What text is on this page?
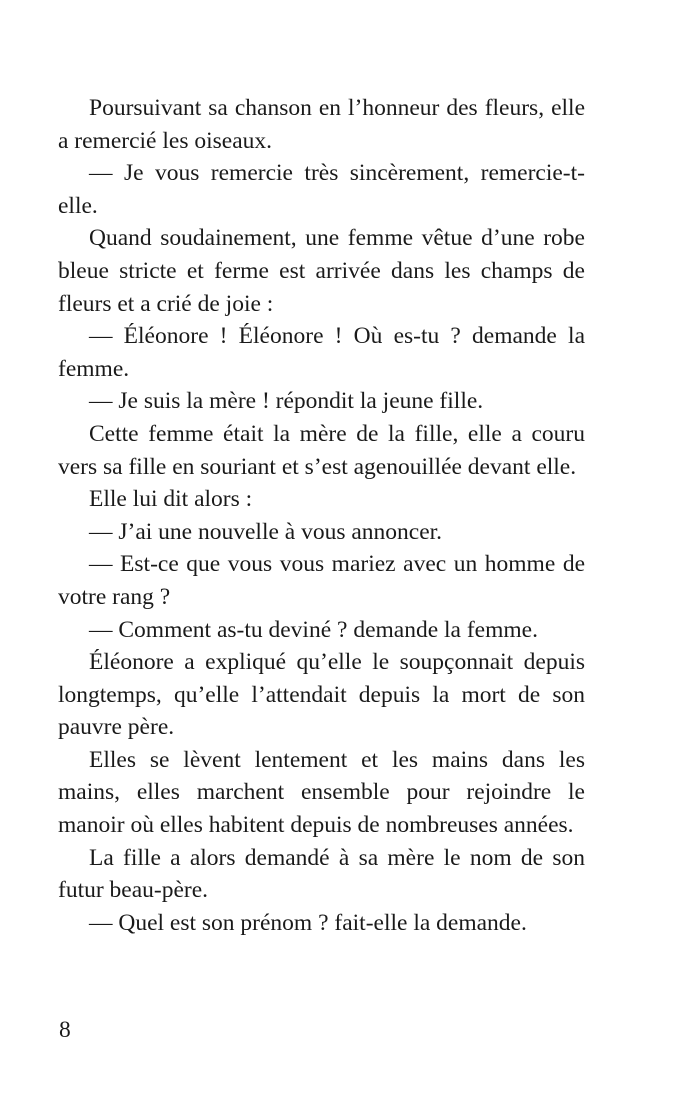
Poursuivant sa chanson en l’honneur des fleurs, elle a remercié les oiseaux.

— Je vous remercie très sincèrement, remercie-t-elle.

Quand soudainement, une femme vêtue d’une robe bleue stricte et ferme est arrivée dans les champs de fleurs et a crié de joie :

— Éléonore ! Éléonore ! Où es-tu ? demande la femme.

— Je suis la mère ! répondit la jeune fille.

Cette femme était la mère de la fille, elle a couru vers sa fille en souriant et s’est agenouillée devant elle.

Elle lui dit alors :

— J’ai une nouvelle à vous annoncer.

— Est-ce que vous vous mariez avec un homme de votre rang ?

— Comment as-tu deviné ? demande la femme.

Éléonore a expliqué qu’elle le soupçonnait depuis longtemps, qu’elle l’attendait depuis la mort de son pauvre père.

Elles se lèvent lentement et les mains dans les mains, elles marchent ensemble pour rejoindre le manoir où elles habitent depuis de nombreuses années.

La fille a alors demandé à sa mère le nom de son futur beau-père.

— Quel est son prénom ? fait-elle la demande.

8
